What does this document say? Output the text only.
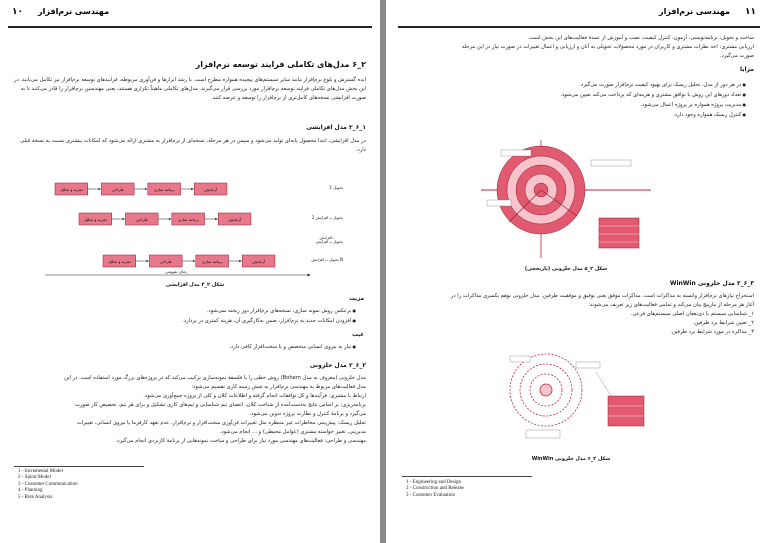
۱۰ مهندسی نرم‌افزار
۲_۶ مدل‌های تکاملی فرایند توسعه نرم‌افزار
ابده گسترش و بلوغ نرم‌افزار مانند سایر سیستم‌های پیچیده همواره مطرح است. با رشد ابزارها و فن‌آوری مربوطه، فرایندهای توسعه نرم‌افزار نیز تکامل می‌یابند. در این بخش مدل‌های تکاملی فرایند توسعه نرم‌افزار مورد بررسی قرار می‌گیرند. مدل‌های تکاملی ماهیتاً تکراری هستند، یعنی مهندسین نرم‌افزار را قادر می‌کنند تا به صورت افزایشی نسخه‌های کامل‌تری از نرم‌افزار را توسعه و عرضه کنند.
۱_۶_۲ مدل افزایشی
در مدل افزایشی، ابتدا محصول پایه‌ای تولید می‌شود و سپس در هر مرحله، نسخه‌ای از نرم‌افزار به مشتری ارائه می‌شود که امکانات بیشتری نسبت به نسخه قبلی دارد.
تجزیه و تحلیل	طراحی	برنامه سازی	آزمایش
تجزیه و تحلیل	طراحی	برنامه سازی	آزمایش
تجزیه و تحلیل	طراحی	برنامه سازی	آزمایش
تحویل 1
تحویل ــ افزایش 2
تحویل ــ افزایش
تحویل ــ افزایش N
زمان تقویمی
ـ افزایش
شکل ۲_۴ مدل افزایشی
مزیت
● برعکس روش نمونه سازی، نسخه‌های نرم‌افزار دور ریخته نمی‌شود.
● افزودن امکانات جدید به نرم‌افزار، ضمن به‌کارگیری آن، هزینه کمتری در بردارد.
عیب
● نیاز به نیروی انسانی متخصص و یا سخت‌افزار کافی دارد.
۲_۶_۲ مدل حلزونی
مدل حلزونی (معروف به مدل Bohem) روش خطی را با فلسفهٔ نمونه‌سازی ترکیب می‌کند که در پروژه‌های بزرگ مورد استفاده است. در این
مدل فعالیت‌های مربوط به مهندسی نرم‌افزار به شش زمینه کاری تقسیم می‌شود:
ارتباط با مشتری: فرآیندها و کل توافقات انجام گرفته و اطلاعات کلان و کلی از پروژه جمع‌آوری می‌شود.
برنامه‌ریزی: بر اساس نتایج به‌دست‌آمده از شناخت کلان، اعضای تیم شناسایی و تیم‌های کاری تشکیل و برای هر تیم، تخصیص کار صورت
می‌گیرد و برنامهٔ کنترل و نظارت پروژه تدوین می‌شود.
تحلیل ریسک: پیش‌بینی مخاطرات غیر منتظره مثل تغییرات فن‌آوری سخت‌افزار و نرم‌افزار، عدم تعهد کارفرما یا نیروی انسانی، تغییرات
مدیریتی، تغییر خواسته مشتری (عوامل محیطی) و ... انجام می‌شود.
مهندسی و طراحی: فعالیت‌های مهندسی مورد نیاز برای طراحی و ساخت نمونه‌هایی از برنامهٔ کاربردی انجام می‌گیرد.
1 - Incremental Model
2 - Spiral Model
3 - Customer Communication
4 - Planning
5 - Risk Analysis
۱۱
مهندسی نرم‌افزار
ساخت و تحویل: برنامه‌نویسی، آزمون، کنترل کیفیت، نصب و آموزش از عمدهٔ فعالیت‌های این بخش است.
ارزیابی مشتری: اخذ نظرات مشتری و کاربران در مورد محصولات تحویلی به آنان و ارزیابی و اعمال تغییرات در صورت نیاز در این مرحله
صورت می‌گیرد.
مزایا
● در هر دور از مدل، تحلیل ریسک برای بهبود کیفیت نرم‌افزار صورت می‌گیرد.
● تعداد دورهای این روش با توافق مشتری و هزینه‌ای که پرداخت می‌کند تعیین می‌شود.
● مدیریت پروژه همواره بر پروژه اعمال می‌شود.
● کنترل ریسک همواره وجود دارد.
شکل ۲_۵ مدل حلزونی (تاریخچی)
۳_۶_۲ مدل حلزونی WinWin
استخراج نیازهای نرم‌افزار وابسته به مذاکرات است. مذاکرات موفق یعنی توفیق و موفقیت طرفین. مدل حلزونی بوهم یکسری مذاکرات را در
آغاز هر مرحله از مارپیچ بیان می‌کند و تمامی فعالیت‌های زیر تعریف می‌شوند:
۱_ شناسایی سیستم یا ذی‌نفعان اصلی سیستم‌های فرعی.
۲_ تعیین شرایط برد طرفین.
۳_ مذاکره در مورد شرایط برد طرفین.
شکل ۲_۶ مدل حلزونی WinWin
1 - Engineering and Design
2 - Construction and Release
3 - Customer Evaluation
